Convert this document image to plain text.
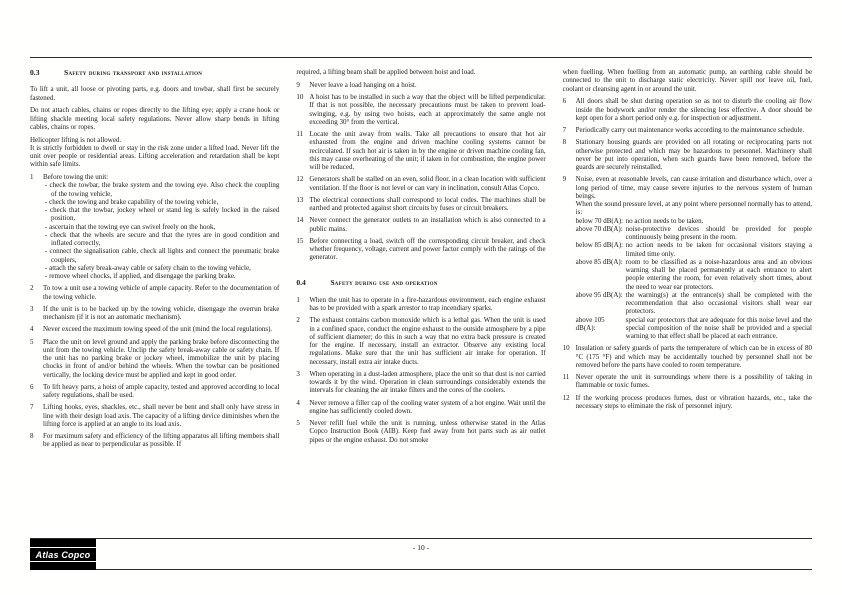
0.3	Safety during transport and installation

To lift a unit, all loose or pivoting parts, e.g. doors and towbar, shall first be securely fastened.

Do not attach cables, chains or ropes directly to the lifting eye; apply a crane hook or lifting shackle meeting local safety regulations. Never allow sharp bends in lifting cables, chains or ropes.

Helicopter lifting is not allowed.

It is strictly forbidden to dwell or stay in the risk zone under a lifted load. Never lift the unit over people or residential areas. Lifting acceleration and retardation shall be kept within safe limits.

1	Before towing the unit:
- check the towbar, the brake system and the towing eye. Also check the coupling of the towing vehicle,
- check the towing and brake capability of the towing vehicle,
- check that the towbar, jockey wheel or stand leg is safely locked in the raised position,
- ascertain that the towing eye can swivel freely on the hook,
- check that the wheels are secure and that the tyres are in good condition and inflated correctly,
- connect the signalisation cable, check all lights and connect the pneumatic brake couplers,
- attach the safety break-away cable or safety chain to the towing vehicle,
- remove wheel chocks, if applied, and disengage the parking brake.
2	To tow a unit use a towing vehicle of ample capacity. Refer to the documentation of the towing vehicle.
3	If the unit is to be backed up by the towing vehicle, disengage the overrun brake mechanism (if it is not an automatic mechanism).
4	Never exceed the maximum towing speed of the unit (mind the local regulations).
5	Place the unit on level ground and apply the parking brake before disconnecting the unit from the towing vehicle. Unclip the safety break-away cable or safety chain. If the unit has no parking brake or jockey wheel, immobilize the unit by placing chocks in front of and/or behind the wheels. When the towbar can be positioned vertically, the locking device must be applied and kept in good order.
6	To lift heavy parts, a hoist of ample capacity, tested and approved according to local safety regulations, shall be used.
7	Lifting hooks, eyes, shackles, etc., shall never be bent and shall only have stress in line with their design load axis. The capacity of a lifting device diminishes when the lifting force is applied at an angle to its load axis.
8	For maximum safety and efficiency of the lifting apparatus all lifting members shall be applied as near to perpendicular as possible. If

required, a lifting beam shall be applied between hoist and load.

9	Never leave a load hanging on a hoist.
10 A hoist has to be installed in such a way that the object will be lifted perpendicular. If that is not possible, the necessary precautions must be taken to prevent load-swinging, e.g. by using two hoists, each at approximately the same angle not exceeding 30° from the vertical.
11 Locate the unit away from walls. Take all precautions to ensure that hot air exhausted from the engine and driven machine cooling systems cannot be recirculated. If such hot air is taken in by the engine or driven machine cooling fan, this may cause overheating of the unit; if taken in for combustion, the engine power will be reduced.
12 Generators shall be stalled on an even, solid floor, in a clean location with sufficient ventilation. If the floor is not level or can vary in inclination, consult Atlas Copco.
13 The electrical connections shall correspond to local codes. The machines shall be earthed and protected against short circuits by fuses or circuit breakers.
14 Never connect the generator outlets to an installation which is also connected to a public mains.
15 Before connecting a load, switch off the corresponding circuit breaker, and check whether frequency, voltage, current and power factor comply with the ratings of the generator.
0.4	Safety during use and operation
1	When the unit has to operate in a fire-hazardous environment, each engine exhaust has to be provided with a spark arrestor to trap incendiary sparks.
2	The exhaust contains carbon monoxide which is a lethal gas. When the unit is used in a confined space, conduct the engine exhaust to the outside atmosphere by a pipe of sufficient diameter; do this in such a way that no extra back pressure is created for the engine. If necessary, install an extractor. Observe any existing local regulations. Make sure that the unit has sufficient air intake for operation. If necessary, install extra air intake ducts.
3	When operating in a dust-laden atmosphere, place the unit so that dust is not carried towards it by the wind. Operation in clean surroundings considerably extends the intervals for cleaning the air intake filters and the cores of the coolers.
4	Never remove a filler cap of the cooling water system of a hot engine. Wait until the engine has sufficiently cooled down.
5	Never refill fuel while the unit is running, unless otherwise stated in the Atlas Copco Instruction Book (AIB). Keep fuel away from hot parts such as air outlet pipes or the engine exhaust. Do not smoke

when fuelling. When fuelling from an automatic pump, an earthing cable should be connected to the unit to discharge static electricity. Never spill nor leave oil, fuel, coolant or cleansing agent in or around the unit.

6	All doors shall be shut during operation so as not to disturb the cooling air flow inside the bodywork and/or render the silencing less effective. A door should be kept open for a short period only e.g. for inspection or adjustment.
7	Periodically carry out maintenance works according to the maintenance schedule.
8	Stationary housing guards are provided on all rotating or reciprocating parts not otherwise protected and which may be hazardous to personnel. Machinery shall never be put into operation, when such guards have been removed, before the guards are securely reinstalled.
9	Noise, even at reasonable levels, can cause irritation and disturbance which, over a long period of time, may cause severe injuries to the nervous system of human beings.
When the sound pressure level, at any point where personnel normally has to attend, is:
below 70 dB(A): no action needs to be taken.
above 70 dB(A): noise-protective devices should be provided for people continuously being present in the room.
below 85 dB(A): no action needs to be taken for occasional visitors staying a limited time only.
above 85 dB(A): room to be classified as a noise-hazardous area and an obvious warning shall be placed permanently at each entrance to alert people entering the room, for even relatively short times, about the need to wear ear protectors.
above 95 dB(A): the warning(s) at the entrance(s) shall be completed with the recommendation that also occasional visitors shall wear ear protectors.
above 105 dB(A):
special ear protectors that are adequate for this noise level and the special composition of the noise shall be provided and a special warning to that effect shall be placed at each entrance.
10 Insulation or safety guards of parts the temperature of which can be in excess of 80 °C (175 °F) and which may be accidentally touched by personnel shall not be removed before the parts have cooled to room temperature.
11 Never operate the unit in surroundings where there is a possibility of taking in flammable or toxic fumes.
12 If the working process produces fumes, dust or vibration hazards, etc., take the necessary steps to eliminate the risk of personnel injury.
- 10 -
Atlas Copco
